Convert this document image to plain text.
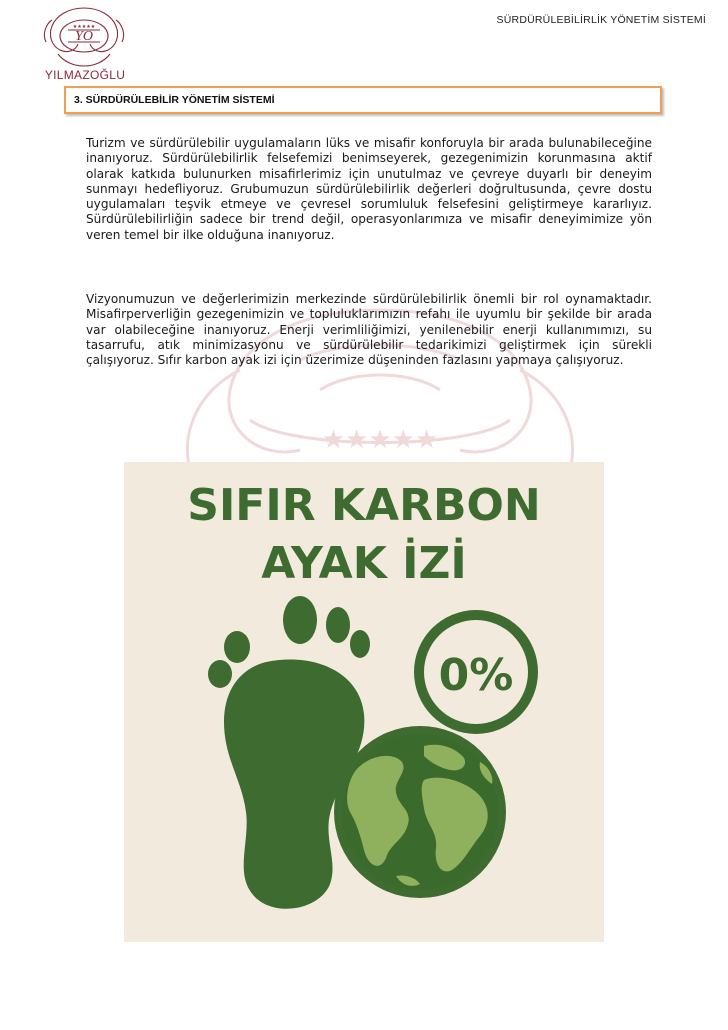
YO
★★★★★
YILMAZOĞLU
SÜRDÜRÜLEBİLİRLİK YÖNETİM SİSTEMİ
3. SÜRDÜRÜLEBİLİR YÖNETİM SİSTEMİ
★★★★★

Turizm ve sürdürülebilir uygulamaların lüks ve misafir konforuyla bir arada bulunabileceğine inanıyoruz. Sürdürülebilirlik felsefemizi benimseyerek, gezegenimizin korunmasına aktif olarak katkıda bulunurken misafirlerimiz için unutulmaz ve çevreye duyarlı bir deneyim sunmayı hedefliyoruz. Grubumuzun sürdürülebilirlik değerleri doğrultusunda, çevre dostu uygulamaları teşvik etmeye ve çevresel sorumluluk felsefesini geliştirmeye kararlıyız. Sürdürülebilirliğin sadece bir trend değil, operasyonlarımıza ve misafir deneyimimize yön veren temel bir ilke olduğuna inanıyoruz.

Vizyonumuzun ve değerlerimizin merkezinde sürdürülebilirlik önemli bir rol oynamaktadır. Misafirperverliğin gezegenimizin ve topluluklarımızın refahı ile uyumlu bir şekilde bir arada var olabileceğine inanıyoruz. Enerji verimliliğimizi, yenilenebilir enerji kullanımımızı, su tasarrufu, atık minimizasyonu ve sürdürülebilir tedarikimizi geliştirmek için sürekli çalışıyoruz. Sıfır karbon ayak izi için üzerimize düşeninden fazlasını yapmaya çalışıyoruz.

SIFIR KARBON
AYAK İZİ
0%
